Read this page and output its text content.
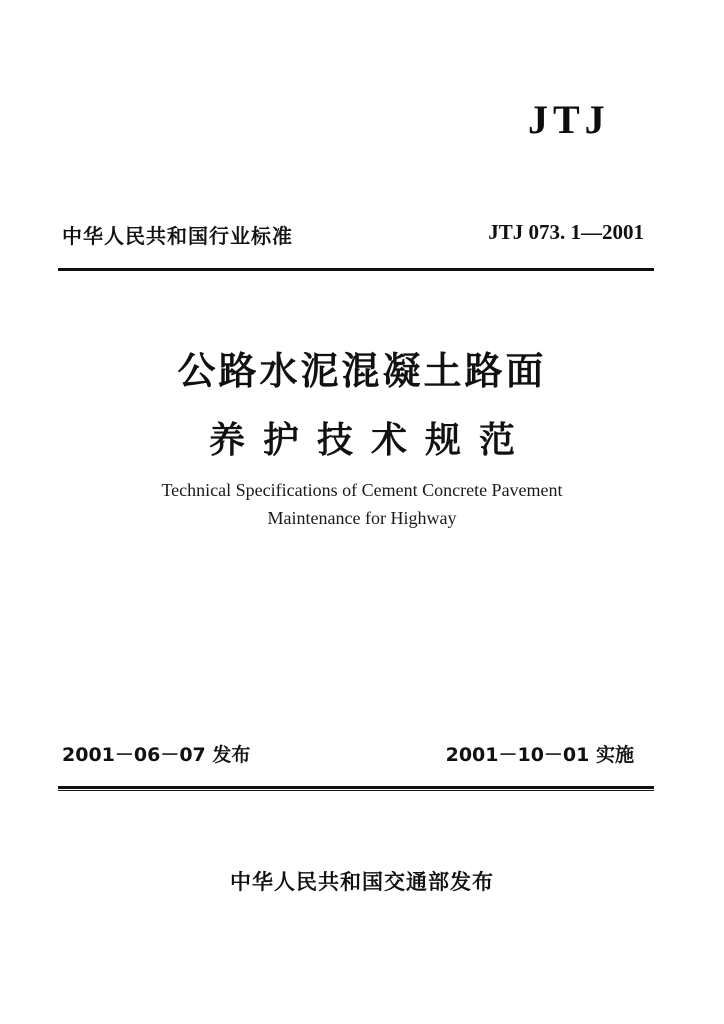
JTJ
中华人民共和国行业标准	JTJ 073. 1—2001
公路水泥混凝土路面
养护技术规范
Technical Specifications of Cement Concrete Pavement
Maintenance for Highway
2001－06－07 发布	2001－10－01 实施
中华人民共和国交通部发布
